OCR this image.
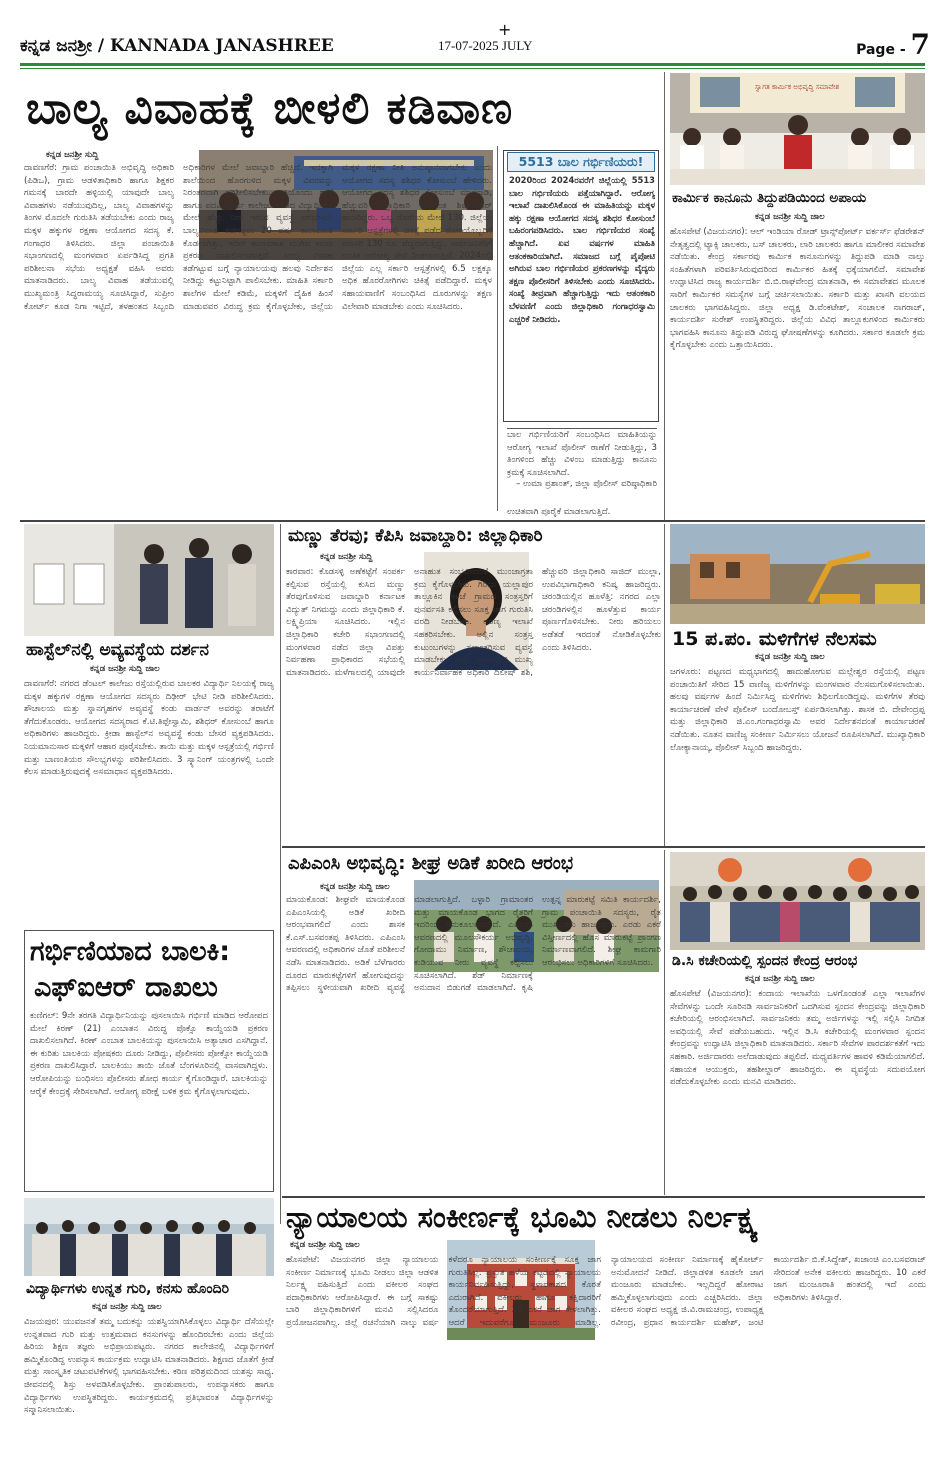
ಕನ್ನಡ ಜನಶ್ರೀ / KANNADA JANASHREE
+
17-07-2025 JULY	Page - 7
ಬಾಲ್ಯ ವಿವಾಹಕ್ಕೆ ಬೀಳಲಿ ಕಡಿವಾಣ
ಕನ್ನಡ ಜನಶ್ರೀ ಸುದ್ದಿ
ದಾವಣಗೆರೆ: ಗ್ರಾಮ ಪಂಚಾಯಿತಿ ಅಭಿವೃದ್ಧಿ ಅಧಿಕಾರಿ (ಪಿಡಿಒ), ಗ್ರಾಮ ಆಡಳಿತಾಧಿಕಾರಿ ಹಾಗೂ ಶಿಕ್ಷಕರ ಗಮನಕ್ಕೆ ಬಾರದೇ ಹಳ್ಳಿಯಲ್ಲಿ ಯಾವುದೇ ಬಾಲ್ಯ ವಿವಾಹಗಳು ನಡೆಯುವುದಿಲ್ಲ, ಬಾಲ್ಯ ವಿವಾಹಗಳನ್ನು ತಿಂಗಳ ಮೊದಲೇ ಗುರುತಿಸಿ ತಡೆಯಬೇಕು ಎಂದು ರಾಜ್ಯ ಮಕ್ಕಳ ಹಕ್ಕುಗಳ ರಕ್ಷಣಾ ಆಯೋಗದ ಸದಸ್ಯ ಕೆ. ಗಂಗಾಧರ ತಿಳಿಸಿದರು. ಜಿಲ್ಲಾ ಪಂಚಾಯಿತಿ ಸಭಾಂಗಣದಲ್ಲಿ ಮಂಗಳವಾರ ಏರ್ಪಡಿಸಿದ್ದ ಪ್ರಗತಿ ಪರಿಶೀಲನಾ ಸಭೆಯ ಅಧ್ಯಕ್ಷತೆ ವಹಿಸಿ ಅವರು ಮಾತನಾಡಿದರು. ಬಾಲ್ಯ ವಿವಾಹ ತಡೆಯುವಲ್ಲಿ ಮುಖ್ಯಮಂತ್ರಿ ಸಿದ್ಧರಾಮಯ್ಯ ಸೂಚಿಸಿದ್ದಾರೆ, ಸುಪ್ರೀಂ ಕೋರ್ಟ್ ಕೂಡ ನಿಗಾ ಇಟ್ಟಿದೆ, ತಳಹಂತದ ಸಿಬ್ಬಂದಿ ಅಧಿಕಾರಿಗಳ ಮೇಲೆ ಜವಾಬ್ದಾರಿ ಹೆಚ್ಚಿದೆ. ಇದಕ್ಕಾಗಿ ಶಾಲೆಯಿಂದ ಹೊರಗುಳಿದ ಮಕ್ಕಳ ವಿವರವನ್ನು ನಿರಂತರವಾಗಿ ಪರಿಶೀಲಿಸಬೇಕು. ಪ್ರತಿಯೊಂದು ಶಾಲೆ ಹಾಗೂ ಪದವಿ ಪೂರ್ವ ಕಾಲೇಜು ಹಂತದ ವಿದ್ಯಾರ್ಥಿಗಳ ಮೇಲೆ ಹೆಚ್ಚು ನಿಗಾ ಇರುವ ವ್ಯವಸ್ಥೆ ಆಗಬೇಕಿದೆ. ಬಾಲ್ಯವಿವಾಹ ತಡೆಗಟ್ಟಲು 20 ವರ್ಷ ಕಾಲಾವಕಾಶ ಕೊಡಲಾಗಿತ್ತು, ಇದೀಗ ಕಾಲಾವಕಾಶ ಮುಗಿದ ಕಾರಣ ಪ್ರಕರಣ ದಾಖಲಿಸಲಾಗುತ್ತದೆ. ಬಾಲ್ಯ ವಿವಾಹ ತಡೆಗಟ್ಟುವ ಬಗ್ಗೆ ನ್ಯಾಯಾಲಯವು ಹಲವು ನಿರ್ದೇಶನ ನೀಡಿದ್ದು ಕಟ್ಟುನಿಟ್ಟಾಗಿ ಪಾಲಿಸಬೇಕು. ಮಾಹಿತಿ ಸರ್ಕಾರಿ ಶಾಲೆಗಳ ಮೇಲೆ ಕಡಿಮೆ, ಮಕ್ಕಳಿಗೆ ದೈಹಿಕ ಹಿಂಸೆ ಮಾಡುವವರ ವಿರುದ್ಧ ಕ್ರಮ ಕೈಗೊಳ್ಳಬೇಕು, ಜಿಲ್ಲೆಯ ಮಕ್ಕಳ ರಕ್ಷಣಾ ನೀತಿ ಅನುಷ್ಠಾನವಾಗಬೇಕು ಎಂದು ಆಯೋಗದ ಸದಸ್ಯ ಶಶಿಧರ ಕೋಸುಂಬೆ ಹೇಳಿದರು. ಆಯೋಗದ ಸದಸ್ಯ ಶಶಿಧರ ಕೋಸುಂಬೆ ಮಾತನಾಡಿ, ಹೆಚ್ಚುವರಿ ಜಿಲ್ಲಾಧಿಕಾರಿ ಶೀಲವಂತ ಶಿವಕುಮಾರ್ ಹಾಜರಿದ್ದರು. ಒಬ್ಬ ರೋಗಿಯ ಮೇಲೆ 130. ಜಿಲ್ಲೆಯ ಸರ್ಕಾರಿ ಆಸ್ಪತ್ರೆಗಳಲ್ಲಿ ಚಿಕಿತ್ಸೆ ಪಡೆದ ರೋಗಿಯೊಬ್ಬರಿಗೆ ಸರಾಸರಿ 130 ರೂ. ವೆಚ್ಚವಾಗುತ್ತಿದ್ದು, ಸಾರ್ವಜನಿಕರಿಗೆ ಉಚಿತ ಆರೋಗ್ಯ ಸೇವೆ ನೀಡಲಾಗುತ್ತಿದೆ. 2024ರಲ್ಲಿ ಜಿಲ್ಲೆಯ ಎಲ್ಲ ಸರ್ಕಾರಿ ಆಸ್ಪತ್ರೆಗಳಲ್ಲಿ 6.5 ಲಕ್ಷಕ್ಕೂ ಅಧಿಕ ಹೊರರೋಗಿಗಳು ಚಿಕಿತ್ಸೆ ಪಡೆದಿದ್ದಾರೆ. ಮಕ್ಕಳ ಸಹಾಯವಾಣಿಗೆ ಸಂಬಂಧಿಸಿದ ದೂರುಗಳನ್ನು ತಕ್ಷಣ ವಿಲೇವಾರಿ ಮಾಡಬೇಕು ಎಂದು ಸೂಚಿಸಿದರು.
5513 ಬಾಲ ಗರ್ಭಿಣಿಯರು!
2020ರಿಂದ 2024ರವರೆಗೆ ಜಿಲ್ಲೆಯಲ್ಲಿ 5513 ಬಾಲ ಗರ್ಭಿಣಿಯರು ಪತ್ತೆಯಾಗಿದ್ದಾರೆ. ಆರೋಗ್ಯ ಇಲಾಖೆ ದಾಖಲಿಸಿಕೊಂಡ ಈ ಮಾಹಿತಿಯನ್ನು ಮಕ್ಕಳ ಹಕ್ಕು ರಕ್ಷಣಾ ಆಯೋಗದ ಸದಸ್ಯ ಶಶಿಧರ ಕೋಸುಂಬೆ ಬಹಿರಂಗಪಡಿಸಿದರು. ಬಾಲ ಗರ್ಭಿಣಿಯರ ಸಂಖ್ಯೆ ಹೆಚ್ಚಾಗಿದೆ. ಏವ ವರ್ಷಗಳ ಮಾಹಿತಿ ಆತಂಕಕಾರಿಯಾಗಿದೆ. ಸಮಾಜದ ಬಗ್ಗೆ ಪೈಪೋಟಿ ಅಗಿರುವ ಬಾಲ ಗರ್ಭಿಣಿಯರ ಪ್ರಕರಣಗಳನ್ನು ವೈದ್ಯರು ತಕ್ಷಣ ಪೊಲೀಸರಿಗೆ ತಿಳಿಸಬೇಕು ಎಂದು ಸೂಚಿಸಿದರು. ಸಂಖ್ಯೆ ತೀವ್ರವಾಗಿ ಹೆಚ್ಚಾಗುತ್ತಿದ್ದು ಇದು ಆತಂಕಕಾರಿ ಬೆಳವಣಿಗೆ ಎಂದು ಜಿಲ್ಲಾಧಿಕಾರಿ ಗಂಗಾಧರಸ್ವಾಮಿ ಎಚ್ಚರಿಕೆ ನೀಡಿದರು.
ಬಾಲ ಗರ್ಭಿಣಿಯರಿಗೆ ಸಂಬಂಧಿಸಿದ ಮಾಹಿತಿಯನ್ನು ಆರೋಗ್ಯ ಇಲಾಖೆ ಪೊಲೀಸ್ ಠಾಣೆಗೆ ನೀಡುತ್ತಿದ್ದು, 3 ತಿಂಗಳಿಂದ ಹೆಚ್ಚು ವಿಳಂಬ ಮಾಡುತ್ತಿದ್ದು ಕಾನೂನು ಕ್ರಮಕ್ಕೆ ಸೂಚಿಸಲಾಗಿದೆ.
– ಉಮಾ ಪ್ರಶಾಂತ್, ಜಿಲ್ಲಾ ಪೊಲೀಸ್ ವರಿಷ್ಠಾಧಿಕಾರಿ
ಉಚಿತವಾಗಿ ಪೂರೈಕೆ ಮಾಡಲಾಗುತ್ತಿದೆ.
ಸ್ವಾಗತ ಕಾರ್ಮಿಕ ಅಭಿವೃದ್ಧಿ ಸಮಾವೇಶ
ಕಾರ್ಮಿಕ ಕಾನೂನು ತಿದ್ದುಪಡಿಯಿಂದ ಅಪಾಯ
ಕನ್ನಡ ಜನಶ್ರೀ ಸುದ್ದಿ ಜಾಲ
ಹೊಸಪೇಟೆ (ವಿಜಯನಗರ): ಆಲ್ ಇಂಡಿಯಾ ರೋಡ್ ಟ್ರಾನ್ಸ್‌ಪೋರ್ಟ್ ವರ್ಕರ್ಸ್ ಫೆಡರೇಶನ್ ನೇತೃತ್ವದಲ್ಲಿ ಟ್ಯಾಕ್ಸಿ ಚಾಲಕರು, ಬಸ್ ಚಾಲಕರು, ಲಾರಿ ಚಾಲಕರು ಹಾಗೂ ಮಾಲೀಕರ ಸಮಾವೇಶ ನಡೆಯಿತು. ಕೇಂದ್ರ ಸರ್ಕಾರವು ಕಾರ್ಮಿಕ ಕಾನೂನುಗಳನ್ನು ತಿದ್ದುಪಡಿ ಮಾಡಿ ನಾಲ್ಕು ಸಂಹಿತೆಗಳಾಗಿ ಪರಿವರ್ತಿಸಿರುವುದರಿಂದ ಕಾರ್ಮಿಕರ ಹಿತಕ್ಕೆ ಧಕ್ಕೆಯಾಗಲಿದೆ. ಸಮಾವೇಶ ಉದ್ಘಾಟಿಸಿದ ರಾಜ್ಯ ಕಾರ್ಯದರ್ಶಿ ಬಿ.ಬಿ.ರಾಘವೇಂದ್ರ ಮಾತನಾಡಿ, ಈ ಸಮಾವೇಶದ ಮೂಲಕ ಸಾರಿಗೆ ಕಾರ್ಮಿಕರ ಸಮಸ್ಯೆಗಳ ಬಗ್ಗೆ ಚರ್ಚಿಸಲಾಯಿತು. ಸರ್ಕಾರಿ ಮತ್ತು ಖಾಸಗಿ ವಲಯದ ಚಾಲಕರು ಭಾಗವಹಿಸಿದ್ದರು. ಜಿಲ್ಲಾ ಅಧ್ಯಕ್ಷ ಡಿ.ವೆಂಕಟೇಶ್, ಸಂಚಾಲಕ ನಾಗರಾಜ್, ಕಾರ್ಯದರ್ಶಿ ಸುರೇಶ್ ಉಪಸ್ಥಿತರಿದ್ದರು. ಜಿಲ್ಲೆಯ ವಿವಿಧ ತಾಲ್ಲೂಕುಗಳಿಂದ ಕಾರ್ಮಿಕರು ಭಾಗವಹಿಸಿ ಕಾನೂನು ತಿದ್ದುಪಡಿ ವಿರುದ್ಧ ಘೋಷಣೆಗಳನ್ನು ಕೂಗಿದರು. ಸರ್ಕಾರ ಕೂಡಲೇ ಕ್ರಮ ಕೈಗೊಳ್ಳಬೇಕು ಎಂದು ಒತ್ತಾಯಿಸಿದರು.
ಹಾಸ್ಟೆಲ್‌ನಲ್ಲಿ ಅವ್ಯವಸ್ಥೆಯ ದರ್ಶನ
ಕನ್ನಡ ಜನಶ್ರೀ ಸುದ್ದಿ ಜಾಲ
ದಾವಣಗೆರೆ: ನಗರದ ಡೆಂಟಲ್ ಕಾಲೇಜು ರಸ್ತೆಯಲ್ಲಿರುವ ಬಾಲಕರ ವಿದ್ಯಾರ್ಥಿ ನಿಲಯಕ್ಕೆ ರಾಜ್ಯ ಮಕ್ಕಳ ಹಕ್ಕುಗಳ ರಕ್ಷಣಾ ಆಯೋಗದ ಸದಸ್ಯರು ದಿಢೀರ್ ಭೇಟಿ ನೀಡಿ ಪರಿಶೀಲಿಸಿದರು. ಶೌಚಾಲಯ ಮತ್ತು ಸ್ನಾನಗೃಹಗಳ ಅವ್ಯವಸ್ಥೆ ಕಂಡು ವಾರ್ಡನ್ ಅವರನ್ನು ತರಾಟೆಗೆ ತೆಗೆದುಕೊಂಡರು. ಆಯೋಗದ ಸದಸ್ಯರಾದ ಕೆ.ಟಿ.ತಿಪ್ಪೇಸ್ವಾಮಿ, ಶಶಿಧರ್ ಕೋಸುಂಬೆ ಹಾಗೂ ಅಧಿಕಾರಿಗಳು ಹಾಜರಿದ್ದರು. ಕ್ರೀಡಾ ಹಾಸ್ಟೆಲ್‌ನ ಅವ್ಯವಸ್ಥೆ ಕಂಡು ಬೇಸರ ವ್ಯಕ್ತಪಡಿಸಿದರು. ನಿಯಮಾನುಸಾರ ಮಕ್ಕಳಿಗೆ ಆಹಾರ ಪೂರೈಸಬೇಕು. ತಾಯಿ ಮತ್ತು ಮಕ್ಕಳ ಆಸ್ಪತ್ರೆಯಲ್ಲಿ ಗರ್ಭಿಣಿ ಮತ್ತು ಬಾಣಂತಿಯರ ಸೌಲಭ್ಯಗಳನ್ನು ಪರಿಶೀಲಿಸಿದರು. 3 ಸ್ಕ್ಯಾನಿಂಗ್ ಯಂತ್ರಗಳಲ್ಲಿ ಒಂದೇ ಕೆಲಸ ಮಾಡುತ್ತಿರುವುದಕ್ಕೆ ಅಸಮಾಧಾನ ವ್ಯಕ್ತಪಡಿಸಿದರು.
ಮಣ್ಣು ತೆರವು; ಕೆಪಿಸಿ ಜವಾಬ್ದಾರಿ: ಜಿಲ್ಲಾಧಿಕಾರಿ
ಕನ್ನಡ ಜನಶ್ರೀ ಸುದ್ದಿ
ಕಾರವಾರ: ಕೊಡಸಳ್ಳಿ ಅಣೆಕಟ್ಟೆಗೆ ಸಂಪರ್ಕ ಕಲ್ಪಿಸುವ ರಸ್ತೆಯಲ್ಲಿ ಕುಸಿದ ಮಣ್ಣು ತೆರವುಗೊಳಿಸುವ ಜವಾಬ್ದಾರಿ ಕರ್ನಾಟಕ ವಿದ್ಯುತ್ ನಿಗಮದ್ದು ಎಂದು ಜಿಲ್ಲಾಧಿಕಾರಿ ಕೆ. ಲಕ್ಷ್ಮಿಪ್ರಿಯಾ ಸೂಚಿಸಿದರು. ಇಲ್ಲಿನ ಜಿಲ್ಲಾಧಿಕಾರಿ ಕಚೇರಿ ಸಭಾಂಗಣದಲ್ಲಿ ಮಂಗಳವಾರ ನಡೆದ ಜಿಲ್ಲಾ ವಿಪತ್ತು ನಿರ್ವಹಣಾ ಪ್ರಾಧಿಕಾರದ ಸಭೆಯಲ್ಲಿ ಮಾತನಾಡಿದರು. ಮಳೆಗಾಲದಲ್ಲಿ ಯಾವುದೇ ಅನಾಹುತ ಸಂಭವಿಸದಂತೆ ಮುಂಜಾಗ್ರತಾ ಕ್ರಮ ಕೈಗೊಳ್ಳಬೇಕು. ಗಿರಿಯ ಯಲ್ಲಾಪುರ ತಾಲ್ಲೂಕಿನ ಕಳಚೆ ಗ್ರಾಮದ ಸಂತ್ರಸ್ತರಿಗೆ ಪುನರ್ವಸತಿ ಕಲ್ಪಿಸಲು ಸೂಕ್ತ ಜಾಗ ಗುರುತಿಸಿ ವರದಿ ನೀಡಬೇಕು. ಅರಣ್ಯ ಇಲಾಖೆ ಸಹಕರಿಸಬೇಕು. ಅಲ್ಲಿನ ಸಂತ್ರಸ್ತ ಕುಟುಂಬಗಳನ್ನು ಸ್ಥಳಾಂತರಿಸುವ ವ್ಯವಸ್ಥೆ ಮಾಡಬೇಕು. ಜಿಲ್ಲಾ ಪಂಚಾಯಿತಿ ಮುಖ್ಯ ಕಾರ್ಯನಿರ್ವಾಹಕ ಅಧಿಕಾರಿ ದಿಲೀಷ್ ಶಶಿ, ಹೆಚ್ಚುವರಿ ಜಿಲ್ಲಾಧಿಕಾರಿ ಸಾಜಿದ್ ಮುಲ್ಲಾ, ಉಪವಿಭಾಗಾಧಿಕಾರಿ ಕನಿಷ್ಕ ಹಾಜರಿದ್ದರು. ಚರಂಡಿಯಲ್ಲಿನ ಹೂಳೆತ್ತಿ: ನಗರದ ಎಲ್ಲಾ ಚರಂಡಿಗಳಲ್ಲಿನ ಹೂಳೆತ್ತುವ ಕಾರ್ಯ ಪೂರ್ಣಗೊಳಿಸಬೇಕು. ನೀರು ಹರಿಯಲು ಅಡೆತಡೆ ಇರದಂತೆ ನೋಡಿಕೊಳ್ಳಬೇಕು ಎಂದು ತಿಳಿಸಿದರು.	15 ಪ.ಪಂ. ಮಳಿಗೆಗಳ ನೆಲಸಮ
ಕನ್ನಡ ಜನಶ್ರೀ ಸುದ್ದಿ ಜಾಲ
ಜಗಳೂರು: ಪಟ್ಟಣದ ಮಧ್ಯಭಾಗದಲ್ಲಿ ಹಾದುಹೋಗುವ ಮಲ್ಲೇಶ್ವರ ರಸ್ತೆಯಲ್ಲಿ ಪಟ್ಟಣ ಪಂಚಾಯಿತಿಗೆ ಸೇರಿದ 15 ವಾಣಿಜ್ಯ ಮಳಿಗೆಗಳನ್ನು ಮಂಗಳವಾರ ನೆಲಸಮಗೊಳಿಸಲಾಯಿತು. ಹಲವು ವರ್ಷಗಳ ಹಿಂದೆ ನಿರ್ಮಿಸಿದ್ದ ಮಳಿಗೆಗಳು ಶಿಥಿಲಗೊಂಡಿದ್ದವು. ಮಳಿಗೆಗಳ ತೆರವು ಕಾರ್ಯಾಚರಣೆ ವೇಳೆ ಪೊಲೀಸ್ ಬಂದೋಬಸ್ತ್ ಏರ್ಪಡಿಸಲಾಗಿತ್ತು. ಶಾಸಕ ಬಿ. ದೇವೇಂದ್ರಪ್ಪ ಮತ್ತು ಜಿಲ್ಲಾಧಿಕಾರಿ ಜಿ.ಎಂ.ಗಂಗಾಧರಸ್ವಾಮಿ ಅವರ ನಿರ್ದೇಶನದಂತೆ ಕಾರ್ಯಾಚರಣೆ ನಡೆಯಿತು. ನೂತನ ವಾಣಿಜ್ಯ ಸಂಕೀರ್ಣ ನಿರ್ಮಿಸಲು ಯೋಜನೆ ರೂಪಿಸಲಾಗಿದೆ. ಮುಖ್ಯಾಧಿಕಾರಿ ಲೋಕ್ಯಾನಾಯ್ಕ, ಪೊಲೀಸ್ ಸಿಬ್ಬಂದಿ ಹಾಜರಿದ್ದರು.
ಗರ್ಭಿಣಿಯಾದ ಬಾಲಕಿ:
ಎಫ್‌ಐಆರ್ ದಾಖಲು
ಕುಣಿಗಲ್: 9ನೇ ತರಗತಿ ವಿದ್ಯಾರ್ಥಿನಿಯನ್ನು ಪುಸಲಾಯಿಸಿ ಗರ್ಭಿಣಿ ಮಾಡಿದ ಆರೋಪದ ಮೇಲೆ ಕಿರಣ್ (21) ಎಂಬಾತನ ವಿರುದ್ಧ ಪೊಕ್ಸೊ ಕಾಯ್ದೆಯಡಿ ಪ್ರಕರಣ ದಾಖಲಿಸಲಾಗಿದೆ. ಕಿರಣ್ ಎಂಬಾತ ಬಾಲಕಿಯನ್ನು ಪುಸಲಾಯಿಸಿ ಅತ್ಯಾಚಾರ ಎಸಗಿದ್ದಾನೆ. ಈ ಕುರಿತು ಬಾಲಕಿಯ ಪೋಷಕರು ದೂರು ನೀಡಿದ್ದು, ಪೊಲೀಸರು ಪೋಕ್ಸೋ ಕಾಯ್ದೆಯಡಿ ಪ್ರಕರಣ ದಾಖಲಿಸಿದ್ದಾರೆ. ಬಾಲಕಿಯು ತಾಯಿ ಜೊತೆ ಬೆಂಗಳೂರಿನಲ್ಲಿ ವಾಸವಾಗಿದ್ದಳು. ಆರೋಪಿಯನ್ನು ಬಂಧಿಸಲು ಪೊಲೀಸರು ಶೋಧ ಕಾರ್ಯ ಕೈಗೊಂಡಿದ್ದಾರೆ. ಬಾಲಕಿಯನ್ನು ಆರೈಕೆ ಕೇಂದ್ರಕ್ಕೆ ಸೇರಿಸಲಾಗಿದೆ. ಆರೋಗ್ಯ ಪರೀಕ್ಷೆ ಬಳಿಕ ಕ್ರಮ ಕೈಗೊಳ್ಳಲಾಗುವುದು.
ಎಪಿಎಂಸಿ ಅಭಿವೃದ್ಧಿ: ಶೀಘ್ರ ಅಡಿಕೆ ಖರೀದಿ ಆರಂಭ
ಕನ್ನಡ ಜನಶ್ರೀ ಸುದ್ದಿ ಜಾಲ
ಮಾಯಕೊಂಡ: ಶೀಘ್ರವೇ ಮಾಯಕೊಂಡ ಎಪಿಎಂಸಿಯಲ್ಲಿ ಅಡಿಕೆ ಖರೀದಿ ಆರಂಭವಾಗಲಿದೆ ಎಂದು ಶಾಸಕ ಕೆ.ಎಸ್.ಬಸವಂತಪ್ಪ ತಿಳಿಸಿದರು. ಎಪಿಎಂಸಿ ಆವರಣದಲ್ಲಿ ಅಧಿಕಾರಿಗಳ ಜೊತೆ ಪರಿಶೀಲನೆ ನಡೆಸಿ ಮಾತನಾಡಿದರು. ಅಡಿಕೆ ಬೆಳೆಗಾರರು ದೂರದ ಮಾರುಕಟ್ಟೆಗಳಿಗೆ ಹೋಗುವುದನ್ನು ತಪ್ಪಿಸಲು ಸ್ಥಳೀಯವಾಗಿ ಖರೀದಿ ವ್ಯವಸ್ಥೆ ಮಾಡಲಾಗುತ್ತಿದೆ. ಬಳ್ಳಾರಿ ಗ್ರಾಮಾಂತರ ಮತ್ತು ಮಾಯಕೊಂಡ ಭಾಗದ ರೈತರಿಗೆ ಇದರಿಂದ ಅನುಕೂಲವಾಗಲಿದೆ. ಎಪಿಎಂಸಿ ಆವರಣದಲ್ಲಿ ಮೂಲಸೌಕರ್ಯ ಅಭಿವೃದ್ಧಿ, ಗೋದಾಮು ನಿರ್ಮಾಣ, ಶೌಚಾಲಯ, ಕುಡಿಯುವ ನೀರು ವ್ಯವಸ್ಥೆ ಕಲ್ಪಿಸಲು ಸೂಚಿಸಲಾಗಿದೆ. ಶೆಡ್ ನಿರ್ಮಾಣಕ್ಕೆ ಅನುದಾನ ಬಿಡುಗಡೆ ಮಾಡಲಾಗಿದೆ. ಕೃಷಿ ಉತ್ಪನ್ನ ಮಾರುಕಟ್ಟೆ ಸಮಿತಿ ಕಾರ್ಯದರ್ಶಿ, ಗ್ರಾಮ ಪಂಚಾಯಿತಿ ಸದಸ್ಯರು, ರೈತ ಮುಖಂಡರು ಹಾಜರಿದ್ದರು. ಎರಡು ಎಕರೆ ವಿಸ್ತೀರ್ಣದಲ್ಲಿ ಹೊಸ ಮಾರುಕಟ್ಟೆ ಪ್ರಾಂಗಣ ನಿರ್ಮಾಣವಾಗಲಿದೆ. ಶೀಘ್ರ ಕಾಮಗಾರಿ ಆರಂಭಿಸಲು ಅಧಿಕಾರಿಗಳಿಗೆ ಸೂಚಿಸಿದರು.	ಡಿ.ಸಿ ಕಚೇರಿಯಲ್ಲಿ ಸ್ಪಂದನ ಕೇಂದ್ರ ಆರಂಭ
ಕನ್ನಡ ಜನಶ್ರೀ ಸುದ್ದಿ ಜಾಲ
ಹೊಸಪೇಟೆ (ವಿಜಯನಗರ): ಕಂದಾಯ ಇಲಾಖೆಯ ಒಳಗೊಂಡಂತೆ ಎಲ್ಲಾ ಇಲಾಖೆಗಳ ಸೇವೆಗಳನ್ನು ಒಂದೇ ಸೂರಿನಡಿ ಸಾರ್ವಜನಿಕರಿಗೆ ಒದಗಿಸುವ ಸ್ಪಂದನ ಕೇಂದ್ರವನ್ನು ಜಿಲ್ಲಾಧಿಕಾರಿ ಕಚೇರಿಯಲ್ಲಿ ಆರಂಭಿಸಲಾಗಿದೆ. ಸಾರ್ವಜನಿಕರು ತಮ್ಮ ಅರ್ಜಿಗಳನ್ನು ಇಲ್ಲಿ ಸಲ್ಲಿಸಿ ನಿಗದಿತ ಅವಧಿಯಲ್ಲಿ ಸೇವೆ ಪಡೆಯಬಹುದು. ಇಲ್ಲಿನ ಡಿ.ಸಿ ಕಚೇರಿಯಲ್ಲಿ ಮಂಗಳವಾರ ಸ್ಪಂದನ ಕೇಂದ್ರವನ್ನು ಉದ್ಘಾಟಿಸಿ ಜಿಲ್ಲಾಧಿಕಾರಿ ಮಾತನಾಡಿದರು. ಸರ್ಕಾರಿ ಸೇವೆಗಳ ಪಾರದರ್ಶಕತೆಗೆ ಇದು ಸಹಕಾರಿ. ಅರ್ಜಿದಾರರು ಅಲೆದಾಡುವುದು ತಪ್ಪಲಿದೆ. ಮಧ್ಯವರ್ತಿಗಳ ಹಾವಳಿ ಕಡಿಮೆಯಾಗಲಿದೆ. ಸಹಾಯಕ ಆಯುಕ್ತರು, ತಹಶೀಲ್ದಾರ್ ಹಾಜರಿದ್ದರು. ಈ ವ್ಯವಸ್ಥೆಯ ಸದುಪಯೋಗ ಪಡೆದುಕೊಳ್ಳಬೇಕು ಎಂದು ಮನವಿ ಮಾಡಿದರು.
ವಿದ್ಯಾರ್ಥಿಗಳು ಉನ್ನತ ಗುರಿ, ಕನಸು ಹೊಂದಿರಿ
ಕನ್ನಡ ಜನಶ್ರೀ ಸುದ್ದಿ ಜಾಲ
ವಿಜಯಪುರ: ಯುವಜನತೆ ತಮ್ಮ ಬದುಕನ್ನು ಯಶಸ್ವಿಯಾಗಿಸಿಕೊಳ್ಳಲು ವಿದ್ಯಾರ್ಥಿ ದೆಸೆಯಲ್ಲೇ ಉನ್ನತವಾದ ಗುರಿ ಮತ್ತು ಉತ್ತಮವಾದ ಕನಸುಗಳನ್ನು ಹೊಂದಿರಬೇಕು ಎಂದು ಜಿಲ್ಲೆಯ ಹಿರಿಯ ಶಿಕ್ಷಣ ತಜ್ಞರು ಅಭಿಪ್ರಾಯಪಟ್ಟರು. ನಗರದ ಕಾಲೇಜಿನಲ್ಲಿ ವಿದ್ಯಾರ್ಥಿಗಳಿಗೆ ಹಮ್ಮಿಕೊಂಡಿದ್ದ ಉಪನ್ಯಾಸ ಕಾರ್ಯಕ್ರಮ ಉದ್ಘಾಟಿಸಿ ಮಾತನಾಡಿದರು. ಶಿಕ್ಷಣದ ಜೊತೆಗೆ ಕ್ರೀಡೆ ಮತ್ತು ಸಾಂಸ್ಕೃತಿಕ ಚಟುವಟಿಕೆಗಳಲ್ಲಿ ಭಾಗವಹಿಸಬೇಕು. ಕಠಿಣ ಪರಿಶ್ರಮದಿಂದ ಯಶಸ್ಸು ಸಾಧ್ಯ. ಜೀವನದಲ್ಲಿ ಶಿಸ್ತು ಅಳವಡಿಸಿಕೊಳ್ಳಬೇಕು. ಪ್ರಾಂಶುಪಾಲರು, ಉಪನ್ಯಾಸಕರು ಹಾಗೂ ವಿದ್ಯಾರ್ಥಿಗಳು ಉಪಸ್ಥಿತರಿದ್ದರು. ಕಾರ್ಯಕ್ರಮದಲ್ಲಿ ಪ್ರತಿಭಾವಂತ ವಿದ್ಯಾರ್ಥಿಗಳನ್ನು ಸನ್ಮಾನಿಸಲಾಯಿತು.
ನ್ಯಾಯಾಲಯ ಸಂಕೀರ್ಣಕ್ಕೆ ಭೂಮಿ ನೀಡಲು ನಿರ್ಲಕ್ಷ್ಯ
ಕನ್ನಡ ಜನಶ್ರೀ ಸುದ್ದಿ ಜಾಲ
ಹೊಸಪೇಟೆ: ವಿಜಯನಗರ ಜಿಲ್ಲಾ ನ್ಯಾಯಾಲಯ ಸಂಕೀರ್ಣ ನಿರ್ಮಾಣಕ್ಕೆ ಭೂಮಿ ನೀಡಲು ಜಿಲ್ಲಾ ಆಡಳಿತ ನಿರ್ಲಕ್ಷ್ಯ ವಹಿಸುತ್ತಿದೆ ಎಂದು ವಕೀಲರ ಸಂಘದ ಪದಾಧಿಕಾರಿಗಳು ಆರೋಪಿಸಿದ್ದಾರೆ. ಈ ಬಗ್ಗೆ ಸಾಕಷ್ಟು ಬಾರಿ ಜಿಲ್ಲಾಧಿಕಾರಿಗಳಿಗೆ ಮನವಿ ಸಲ್ಲಿಸಿದರೂ ಪ್ರಯೋಜನವಾಗಿಲ್ಲ. ಜಿಲ್ಲೆ ರಚನೆಯಾಗಿ ನಾಲ್ಕು ವರ್ಷ ಕಳೆದರೂ ನ್ಯಾಯಾಲಯ ಸಂಕೀರ್ಣಕ್ಕೆ ಸೂಕ್ತ ಜಾಗ ಗುರುತಿಸಿಲ್ಲ. ಪ್ರಸ್ತುತ ಹಳೆಯ ಕಟ್ಟಡದಲ್ಲಿ ನ್ಯಾಯಾಲಯ ಕಾರ್ಯನಿರ್ವಹಿಸುತ್ತಿದ್ದು, ಸ್ಥಳಾವಕಾಶದ ಕೊರತೆ ಎದುರಾಗಿದೆ. ವಕೀಲರು ಹಾಗೂ ಕಕ್ಷಿದಾರರಿಗೆ ತೊಂದರೆಯಾಗುತ್ತಿದೆ. 20 ಎಕರೆ ಜಾಗ ಕೇಳಲಾಗಿತ್ತು. ಆದರೆ ಇದುವರೆಗೂ ಮಂಜೂರು ಮಾಡಿಲ್ಲ. ನ್ಯಾಯಾಲಯದ ಸಂಕೀರ್ಣ ನಿರ್ಮಾಣಕ್ಕೆ ಹೈಕೋರ್ಟ್ ಅನುಮೋದನೆ ನೀಡಿದೆ. ಜಿಲ್ಲಾಡಳಿತ ಕೂಡಲೇ ಜಾಗ ಮಂಜೂರು ಮಾಡಬೇಕು. ಇಲ್ಲದಿದ್ದರೆ ಹೋರಾಟ ಹಮ್ಮಿಕೊಳ್ಳಲಾಗುವುದು ಎಂದು ಎಚ್ಚರಿಸಿದರು. ಜಿಲ್ಲಾ ವಕೀಲರ ಸಂಘದ ಅಧ್ಯಕ್ಷ ಜಿ.ವಿ.ರಾಮಚಂದ್ರ, ಉಪಾಧ್ಯಕ್ಷ ರವೀಂದ್ರ, ಪ್ರಧಾನ ಕಾರ್ಯದರ್ಶಿ ಮಹೇಶ್, ಜಂಟಿ ಕಾರ್ಯದರ್ಶಿ ಬಿ.ಕೆ.ಸಿದ್ದೇಶ್, ಖಜಾಂಚಿ ಎಂ.ಬಸವರಾಜ್ ಸೇರಿದಂತೆ ಅನೇಕ ವಕೀಲರು ಹಾಜರಿದ್ದರು. 10 ಎಕರೆ ಜಾಗ ಮಂಜೂರಾತಿ ಹಂತದಲ್ಲಿ ಇದೆ ಎಂದು ಅಧಿಕಾರಿಗಳು ತಿಳಿಸಿದ್ದಾರೆ.
